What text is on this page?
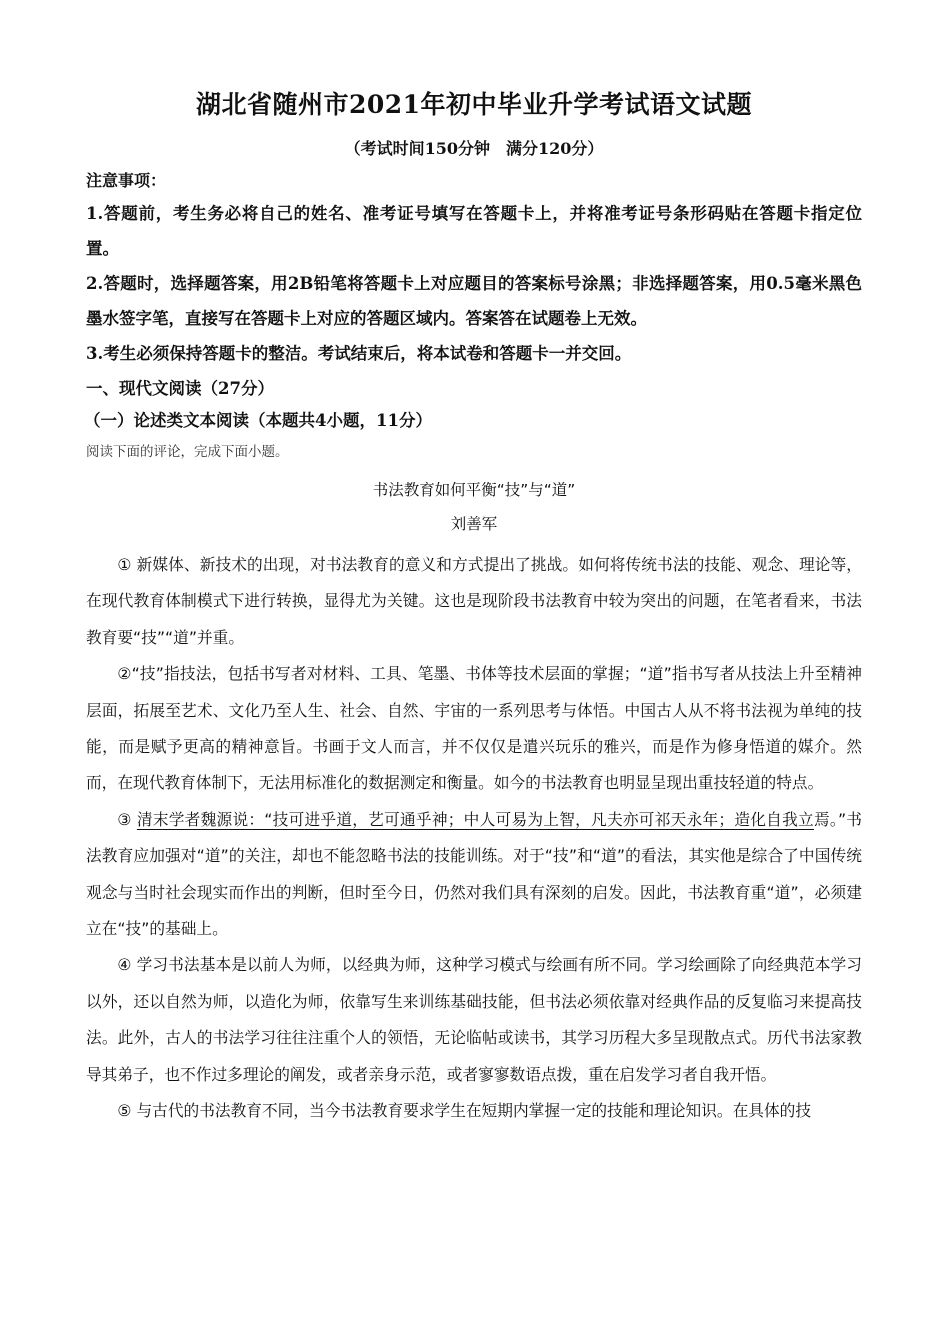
湖北省随州市2021年初中毕业升学考试语文试题

（考试时间150分钟　满分120分）

注意事项：

1.答题前，考生务必将自己的姓名、准考证号填写在答题卡上，并将准考证号条形码贴在答题卡指定位置。

2.答题时，选择题答案，用2B铅笔将答题卡上对应题目的答案标号涂黑；非选择题答案，用0.5毫米黑色墨水签字笔，直接写在答题卡上对应的答题区域内。答案答在试题卷上无效。

3.考生必须保持答题卡的整洁。考试结束后，将本试卷和答题卡一并交回。

一、现代文阅读（27分）

（一）论述类文本阅读（本题共4小题，11分）

阅读下面的评论，完成下面小题。

书法教育如何平衡“技”与“道”

刘善军

① 新媒体、新技术的出现，对书法教育的意义和方式提出了挑战。如何将传统书法的技能、观念、理论等，在现代教育体制模式下进行转换，显得尤为关键。这也是现阶段书法教育中较为突出的问题，在笔者看来，书法教育要“技”“道”并重。

②“技”指技法，包括书写者对材料、工具、笔墨、书体等技术层面的掌握；“道”指书写者从技法上升至精神层面，拓展至艺术、文化乃至人生、社会、自然、宇宙的一系列思考与体悟。中国古人从不将书法视为单纯的技能，而是赋予更高的精神意旨。书画于文人而言，并不仅仅是遣兴玩乐的雅兴，而是作为修身悟道的媒介。然而，在现代教育体制下，无法用标准化的数据测定和衡量。如今的书法教育也明显呈现出重技轻道的特点。

③ 清末学者魏源说：“技可进乎道，艺可通乎神；中人可易为上智，凡夫亦可祁天永年；造化自我立焉。”书法教育应加强对“道”的关注，却也不能忽略书法的技能训练。对于“技”和“道”的看法，其实他是综合了中国传统观念与当时社会现实而作出的判断，但时至今日，仍然对我们具有深刻的启发。因此，书法教育重“道”，必须建立在“技”的基础上。

④ 学习书法基本是以前人为师，以经典为师，这种学习模式与绘画有所不同。学习绘画除了向经典范本学习以外，还以自然为师，以造化为师，依靠写生来训练基础技能，但书法必须依靠对经典作品的反复临习来提高技法。此外，古人的书法学习往往注重个人的领悟，无论临帖或读书，其学习历程大多呈现散点式。历代书法家教导其弟子，也不作过多理论的阐发，或者亲身示范，或者寥寥数语点拨，重在启发学习者自我开悟。

⑤ 与古代的书法教育不同，当今书法教育要求学生在短期内掌握一定的技能和理论知识。在具体的技
